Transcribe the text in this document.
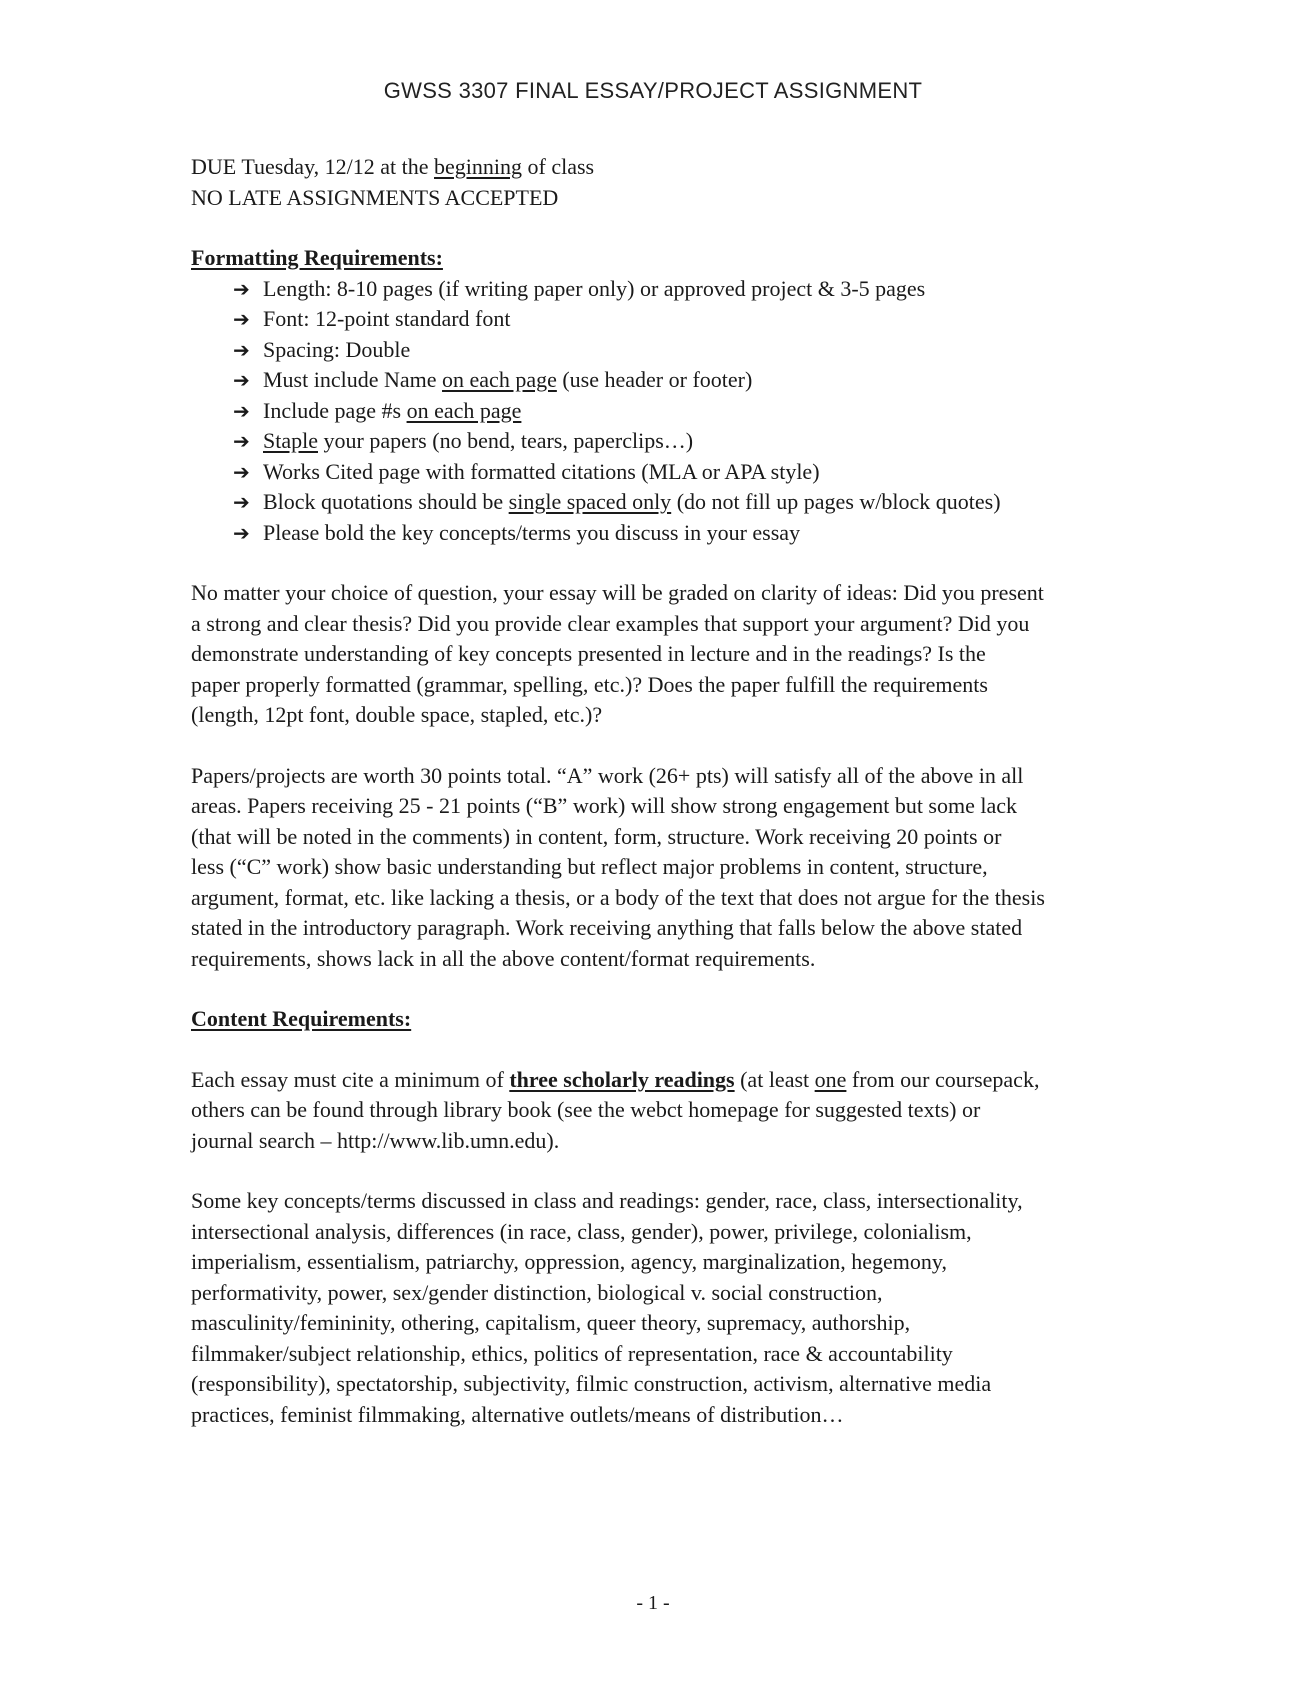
GWSS 3307 FINAL ESSAY/PROJECT ASSIGNMENT
DUE Tuesday, 12/12 at the beginning of class
NO LATE ASSIGNMENTS ACCEPTED
Formatting Requirements:
➔ Length: 8-10 pages (if writing paper only) or approved project & 3-5 pages
➔ Font: 12-point standard font
➔ Spacing: Double
➔ Must include Name on each page (use header or footer)
➔ Include page #s on each page
➔ Staple your papers (no bend, tears, paperclips…)
➔ Works Cited page with formatted citations (MLA or APA style)
➔ Block quotations should be single spaced only (do not fill up pages w/block quotes)
➔ Please bold the key concepts/terms you discuss in your essay

No matter your choice of question, your essay will be graded on clarity of ideas: Did you present
a strong and clear thesis? Did you provide clear examples that support your argument? Did you
demonstrate understanding of key concepts presented in lecture and in the readings? Is the
paper properly formatted (grammar, spelling, etc.)? Does the paper fulfill the requirements
(length, 12pt font, double space, stapled, etc.)?

Papers/projects are worth 30 points total. “A” work (26+ pts) will satisfy all of the above in all
areas. Papers receiving 25 - 21 points (“B” work) will show strong engagement but some lack
(that will be noted in the comments) in content, form, structure. Work receiving 20 points or
less (“C” work) show basic understanding but reflect major problems in content, structure,
argument, format, etc. like lacking a thesis, or a body of the text that does not argue for the thesis
stated in the introductory paragraph. Work receiving anything that falls below the above stated
requirements, shows lack in all the above content/format requirements.

Content Requirements:

Each essay must cite a minimum of three scholarly readings (at least one from our coursepack,
others can be found through library book (see the webct homepage for suggested texts) or
journal search – http://www.lib.umn.edu).

Some key concepts/terms discussed in class and readings: gender, race, class, intersectionality,
intersectional analysis, differences (in race, class, gender), power, privilege, colonialism,
imperialism, essentialism, patriarchy, oppression, agency, marginalization, hegemony,
performativity, power, sex/gender distinction, biological v. social construction,
masculinity/femininity, othering, capitalism, queer theory, supremacy, authorship,
filmmaker/subject relationship, ethics, politics of representation, race & accountability
(responsibility), spectatorship, subjectivity, filmic construction, activism, alternative media
practices, feminist filmmaking, alternative outlets/means of distribution…

- 1 -
